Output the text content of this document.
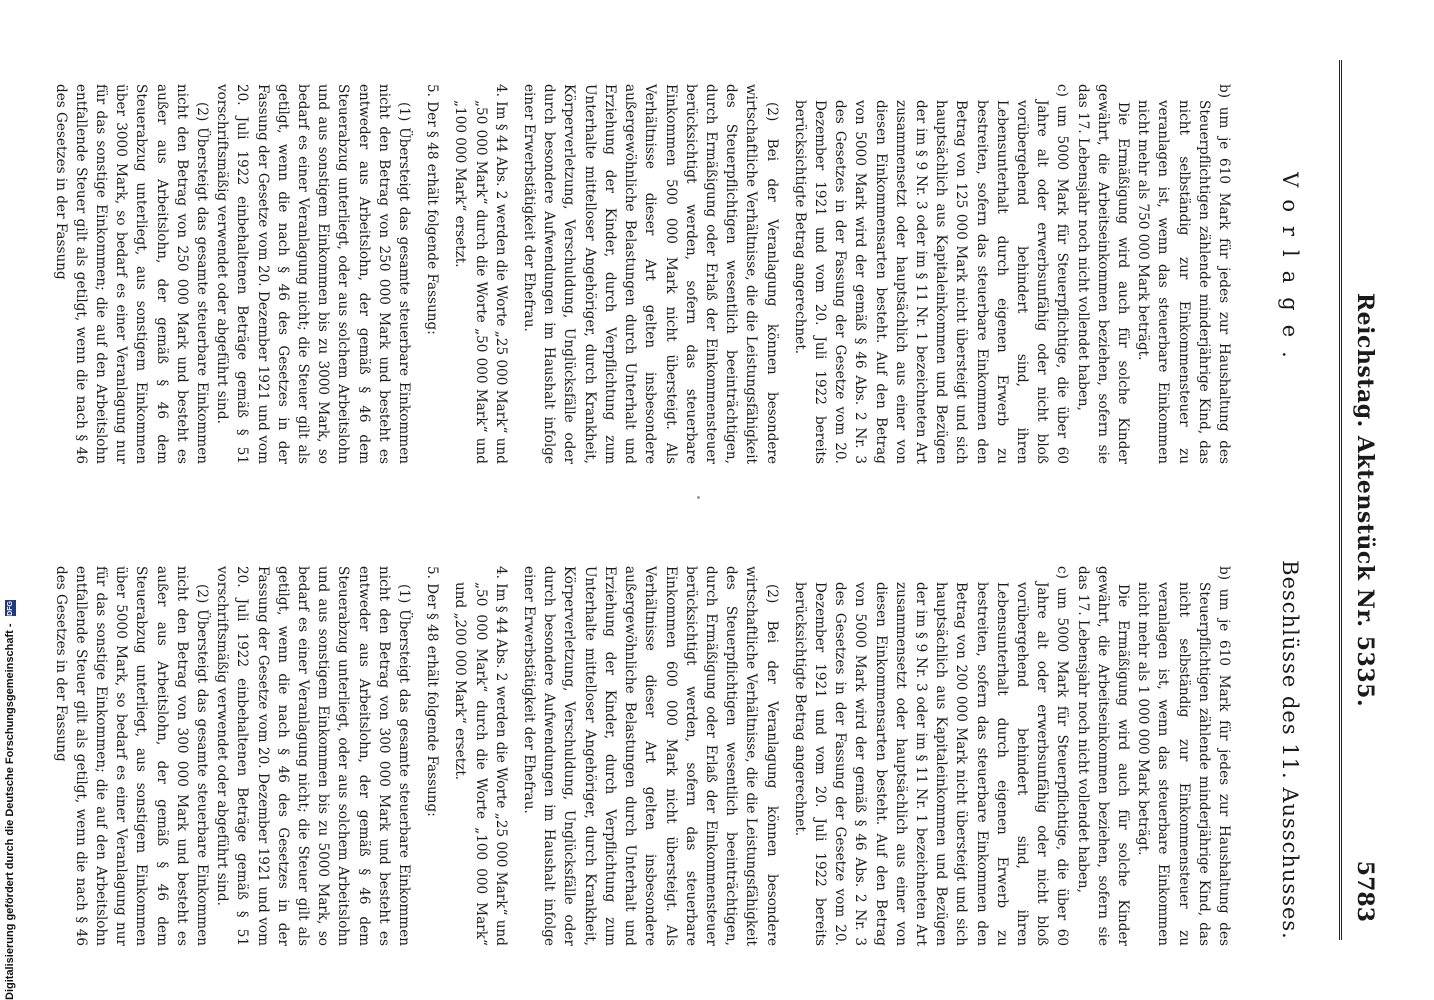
Reichstag. Aktenstück Nr. 5335.
5783
Vorlage.
Beschlüsse des 11. Ausschusses.

b) um je 610 Mark für jedes zur Haushaltung des Steuerpflichtigen zählende minderjährige Kind, das nicht selbständig zur Einkommensteuer zu veranlagen ist, wenn das steuerbare Einkommen nicht mehr als 750 000 Mark beträgt.

Die Ermäßigung wird auch für solche Kinder gewährt, die Arbeitseinkommen beziehen, sofern sie das 17. Lebensjahr noch nicht vollendet haben,

c) um 5000 Mark für Steuerpflichtige, die über 60 Jahre alt oder erwerbsunfähig oder nicht bloß vorübergehend behindert sind, ihren Lebensunterhalt durch eigenen Erwerb zu bestreiten, sofern das steuerbare Einkommen den Betrag von 125 000 Mark nicht übersteigt und sich hauptsächlich aus Kapitaleinkommen und Bezügen der im § 9 Nr. 3 oder im § 11 Nr. 1 bezeichneten Art zusammensetzt oder hauptsächlich aus einer von diesen Einkommensarten besteht. Auf den Betrag von 5000 Mark wird der gemäß § 46 Abs. 2 Nr. 3 des Gesetzes in der Fassung der Gesetze vom 20. Dezember 1921 und vom 20. Juli 1922 bereits berücksichtigte Betrag angerechnet.

(2) Bei der Veranlagung können besondere wirtschaftliche Verhältnisse, die die Leistungsfähigkeit des Steuerpflichtigen wesentlich beeinträchtigen, durch Ermäßigung oder Erlaß der Einkommensteuer berücksichtigt werden, sofern das steuerbare Einkommen 500 000 Mark nicht übersteigt. Als Verhältnisse dieser Art gelten insbesondere außergewöhnliche Belastungen durch Unterhalt und Erziehung der Kinder, durch Verpflichtung zum Unterhalte mittelloser Angehöriger, durch Krankheit, Körperverletzung, Verschuldung, Unglücksfälle oder durch besondere Aufwendungen im Haushalt infolge einer Erwerbstätigkeit der Ehefrau.

4. Im § 44 Abs. 2 werden die Worte „25 000 Mark“ und „50 000 Mark“ durch die Worte „50 000 Mark“ und „100 000 Mark“ ersetzt.

5. Der § 48 erhält folgende Fassung:

(1) Übersteigt das gesamte steuerbare Einkommen nicht den Betrag von 250 000 Mark und besteht es entweder aus Arbeitslohn, der gemäß § 46 dem Steuerabzug unterliegt, oder aus solchem Arbeitslohn und aus sonstigem Einkommen bis zu 3000 Mark, so bedarf es einer Veranlagung nicht; die Steuer gilt als getilgt, wenn die nach § 46 des Gesetzes in der Fassung der Gesetze vom 20. Dezember 1921 und vom 20. Juli 1922 einbehaltenen Beträge gemäß § 51 vorschriftsmäßig verwendet oder abgeführt sind.

(2) Übersteigt das gesamte steuerbare Einkommen nicht den Betrag von 250 000 Mark und besteht es außer aus Arbeitslohn, der gemäß § 46 dem Steuerabzug unterliegt, aus sonstigem Einkommen über 3000 Mark, so bedarf es einer Veranlagung nur für das sonstige Einkommen; die auf den Arbeitslohn entfallende Steuer gilt als getilgt, wenn die nach § 46 des Gesetzes in der Fassung

b) um je 610 Mark für jedes zur Haushaltung des Steuerpflichtigen zählende minderjährige Kind, das nicht selbständig zur Einkommensteuer zu veranlagen ist, wenn das steuerbare Einkommen nicht mehr als 1 000 000 Mark beträgt.

Die Ermäßigung wird auch für solche Kinder gewährt, die Arbeitseinkommen beziehen, sofern sie das 17. Lebensjahr noch nicht vollendet haben,

c) um 5000 Mark für Steuerpflichtige, die über 60 Jahre alt oder erwerbsunfähig oder nicht bloß vorübergehend behindert sind, ihren Lebensunterhalt durch eigenen Erwerb zu bestreiten, sofern das steuerbare Einkommen den Betrag von 200 000 Mark nicht übersteigt und sich hauptsächlich aus Kapitaleinkommen und Bezügen der im § 9 Nr. 3 oder im § 11 Nr. 1 bezeichneten Art zusammensetzt oder hauptsächlich aus einer von diesen Einkommensarten besteht. Auf den Betrag von 5000 Mark wird der gemäß § 46 Abs. 2 Nr. 3 des Gesetzes in der Fassung der Gesetze vom 20. Dezember 1921 und vom 20. Juli 1922 bereits berücksichtigte Betrag angerechnet.

(2) Bei der Veranlagung können besondere wirtschaftliche Verhältnisse, die die Leistungsfähigkeit des Steuerpflichtigen wesentlich beeinträchtigen, durch Ermäßigung oder Erlaß der Einkommensteuer berücksichtigt werden, sofern das steuerbare Einkommen 600 000 Mark nicht übersteigt. Als Verhältnisse dieser Art gelten insbesondere außergewöhnliche Belastungen durch Unterhalt und Erziehung der Kinder, durch Verpflichtung zum Unterhalte mittelloser Angehöriger, durch Krankheit, Körperverletzung, Verschuldung, Unglücksfälle oder durch besondere Aufwendungen im Haushalt infolge einer Erwerbstätigkeit der Ehefrau.

4. Im § 44 Abs. 2 werden die Worte „25 000 Mark“ und „50 000 Mark“ durch die Worte „100 000 Mark“ und „200 000 Mark“ ersetzt.

5. Der § 48 erhält folgende Fassung:

(1) Übersteigt das gesamte steuerbare Einkommen nicht den Betrag von 300 000 Mark und besteht es entweder aus Arbeitslohn, der gemäß § 46 dem Steuerabzug unterliegt, oder aus solchem Arbeitslohn und aus sonstigem Einkommen bis zu 5000 Mark, so bedarf es einer Veranlagung nicht; die Steuer gilt als getilgt, wenn die nach § 46 des Gesetzes in der Fassung der Gesetze vom 20. Dezember 1921 und vom 20. Juli 1922 einbehaltenen Beträge gemäß § 51 vorschriftsmäßig verwendet oder abgeführt sind.

(2) Übersteigt das gesamte steuerbare Einkommen nicht den Betrag von 300 000 Mark und besteht es außer aus Arbeitslohn, der gemäß § 46 dem Steuerabzug unterliegt, aus sonstigem Einkommen über 5000 Mark, so bedarf es einer Veranlagung nur für das sonstige Einkommen; die auf den Arbeitslohn entfallende Steuer gilt als getilgt, wenn die nach § 46 des Gesetzes in der Fassung

Digitalisierung gefördert durch die Deutsche Forschungsgemeinschaft - DFG
